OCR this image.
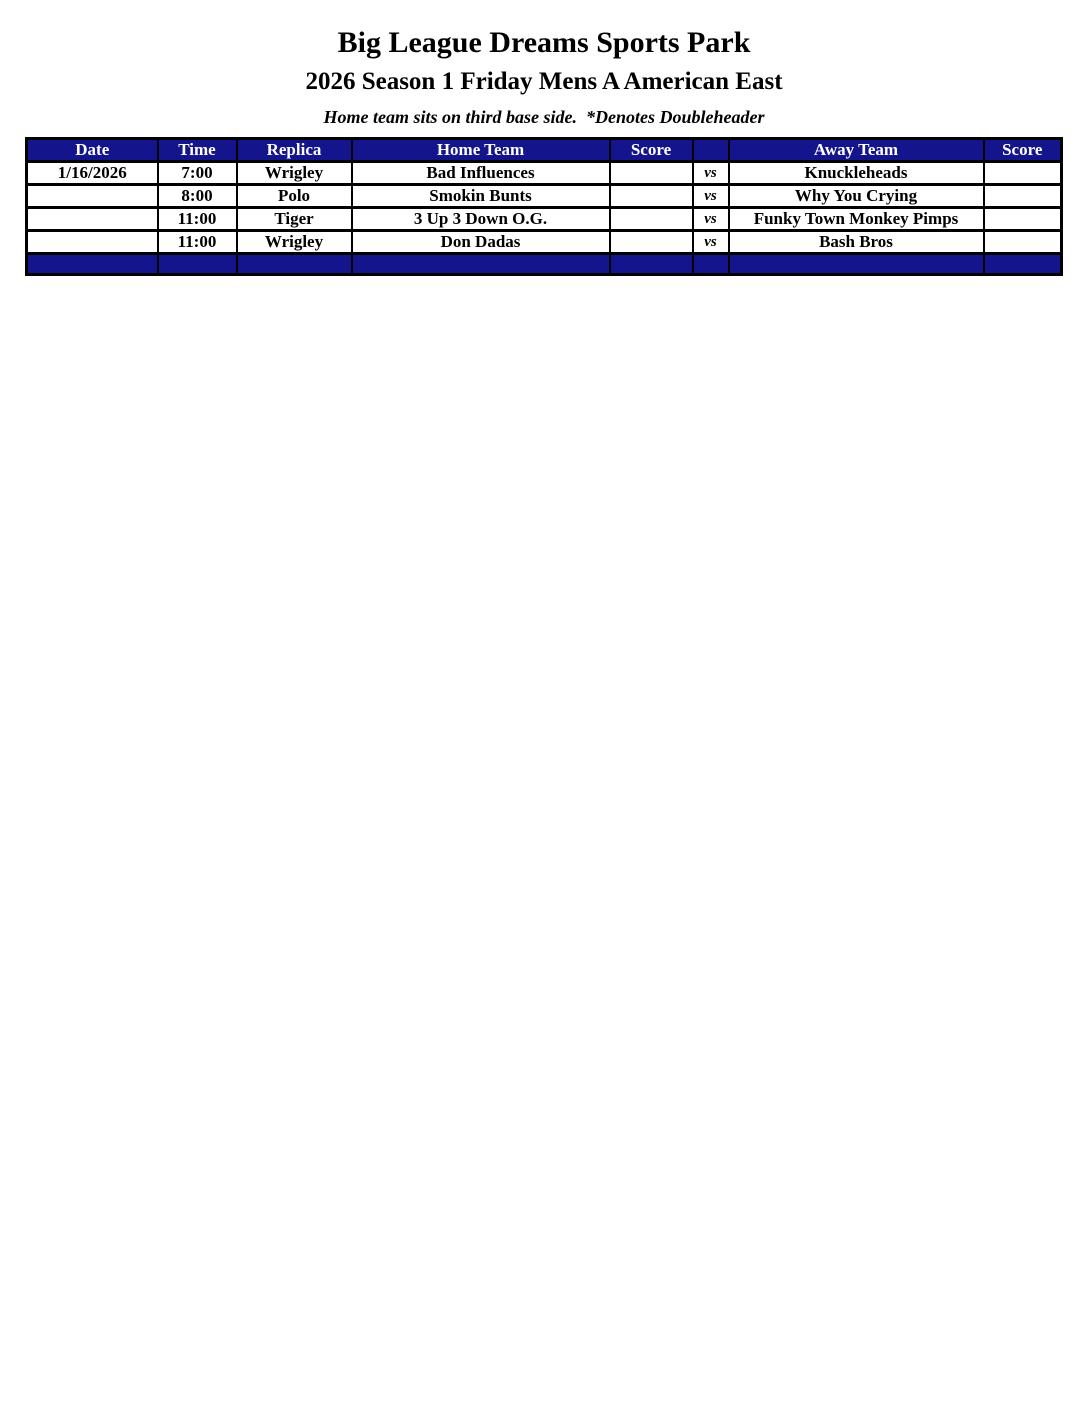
Big League Dreams Sports Park
2026 Season 1 Friday Mens A American East
Home team sits on third base side.  *Denotes Doubleheader
Date	Time	Replica	Home Team	Score		Away Team	Score
1/16/2026	7:00	Wrigley	Bad Influences		vs	Knuckleheads	
	8:00	Polo	Smokin Bunts		vs	Why You Crying	
	11:00	Tiger	3 Up 3 Down O.G.		vs	Funky Town Monkey Pimps	
	11:00	Wrigley	Don Dadas		vs	Bash Bros	
